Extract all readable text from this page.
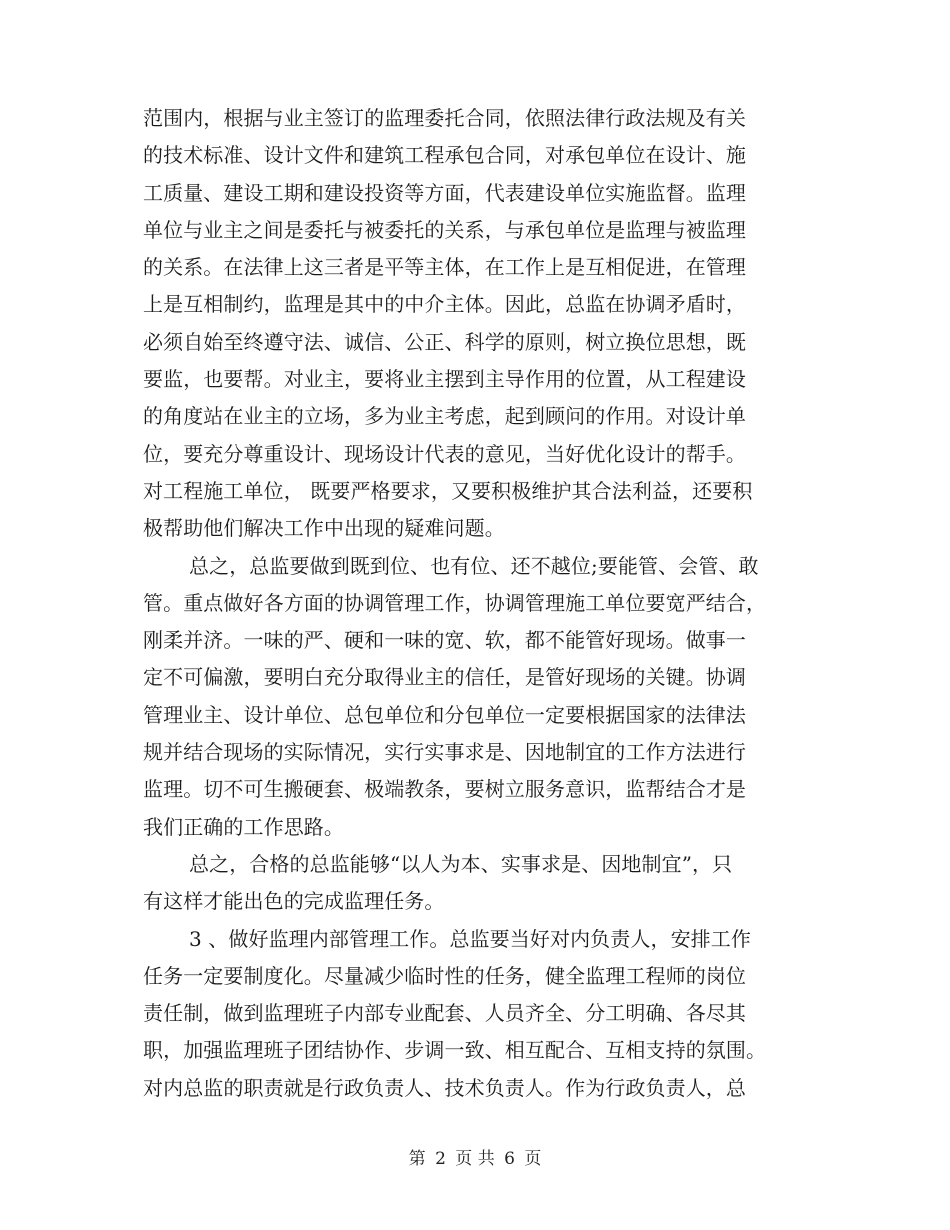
范围内，根据与业主签订的监理委托合同，依照法律行政法规及有关
的技术标准、设计文件和建筑工程承包合同，对承包单位在设计、施
工质量、建设工期和建设投资等方面，代表建设单位实施监督。监理
单位与业主之间是委托与被委托的关系，与承包单位是监理与被监理
的关系。在法律上这三者是平等主体，在工作上是互相促进，在管理
上是互相制约，监理是其中的中介主体。因此，总监在协调矛盾时，
必须自始至终遵守法、诚信、公正、科学的原则，树立换位思想，既
要监，也要帮。对业主，要将业主摆到主导作用的位置，从工程建设
的角度站在业主的立场，多为业主考虑，起到顾问的作用。对设计单
位，要充分尊重设计、现场设计代表的意见，当好优化设计的帮手。
对工程施工单位， 既要严格要求，又要积极维护其合法利益，还要积
极帮助他们解决工作中出现的疑难问题。

总之，总监要做到既到位、也有位、还不越位;要能管、会管、敢
管。重点做好各方面的协调管理工作，协调管理施工单位要宽严结合，
刚柔并济。一味的严、硬和一味的宽、软，都不能管好现场。做事一
定不可偏激，要明白充分取得业主的信任，是管好现场的关键。协调
管理业主、设计单位、总包单位和分包单位一定要根据国家的法律法
规并结合现场的实际情况，实行实事求是、因地制宜的工作方法进行
监理。切不可生搬硬套、极端教条，要树立服务意识，监帮结合才是
我们正确的工作思路。

总之，合格的总监能够“以人为本、实事求是、因地制宜”，只
有这样才能出色的完成监理任务。

3 、做好监理内部管理工作。总监要当好对内负责人，安排工作
任务一定要制度化。尽量减少临时性的任务，健全监理工程师的岗位
责任制，做到监理班子内部专业配套、人员齐全、分工明确、各尽其
职，加强监理班子团结协作、步调一致、相互配合、互相支持的氛围。
对内总监的职责就是行政负责人、技术负责人。作为行政负责人，总

第 2 页 共 6 页
